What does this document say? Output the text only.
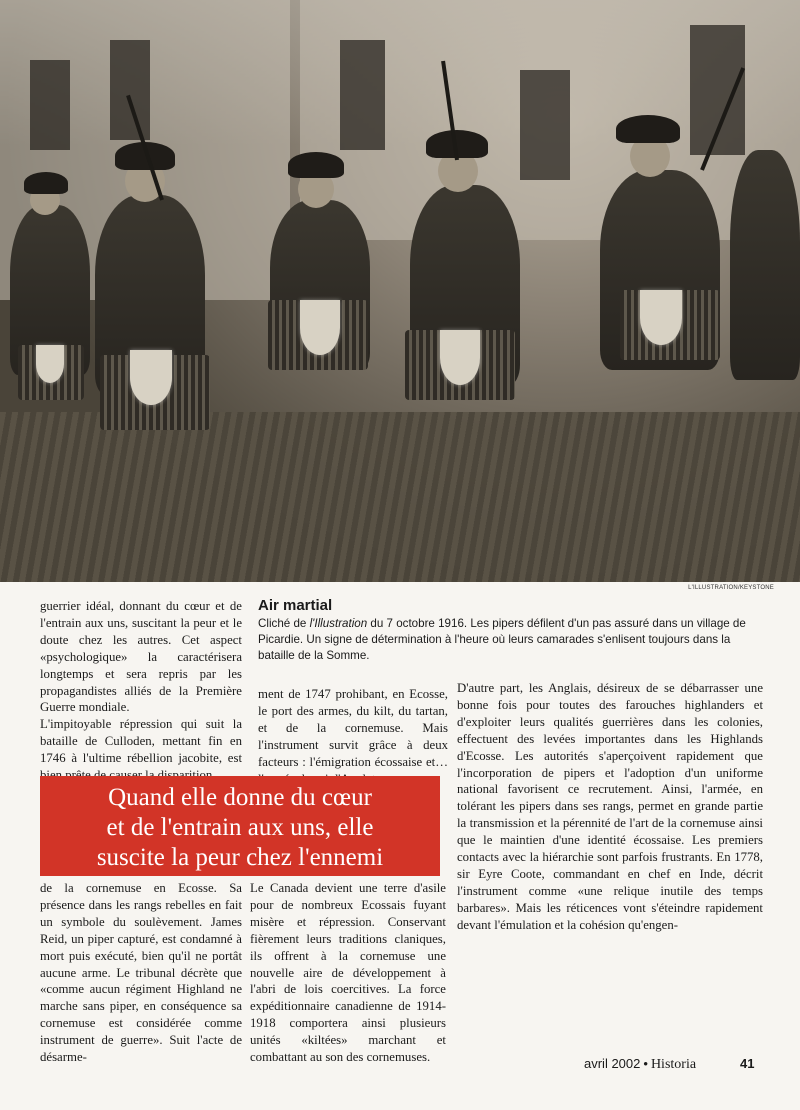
L'ILLUSTRATION/KEYSTONE

guerrier idéal, donnant du cœur et de l'entrain aux uns, suscitant la peur et le doute chez les autres. Cet aspect «psychologique» la caractérisera longtemps et sera repris par les propagandistes alliés de la Première Guerre mondiale.

L'impitoyable répression qui suit la bataille de Culloden, mettant fin en 1746 à l'ultime rébellion jacobite, est

Air martial
Cliché de l'Illustration du 7 octobre 1916. Les pipers défilent d'un pas assuré dans un village de Picardie. Un signe de détermination à l'heure où leurs camarades s'enlisent toujours dans la bataille de la Somme.

ment de 1747 prohibant, en Ecosse, le port des armes, du kilt, du tartan, et de la cornemuse. Mais l'instrument survit grâce à deux facteurs : l'émigration écossaise et…

D'autre part, les Anglais, désireux de se débarrasser une bonne fois pour toutes des farouches highlanders et d'exploiter leurs qualités guerrières dans les colonies, effectuent des levées importantes dans les Highlands d'Ecosse. Les autorités s'aperçoivent rapidement que l'incorporation de pipers et l'adoption d'un uniforme national favorisent ce recrutement. Ainsi, l'armée, en tolérant les pipers dans ses rangs, permet en grande partie la transmission et la pérennité de l'art de la cornemuse ainsi que le maintien d'une identité écossaise. Les premiers contacts avec la hiérarchie sont parfois frustrants. En 1778, sir Eyre Coote, commandant en chef en Inde, décrit l'instrument comme «une relique inutile des temps barbares». Mais les réticences vont s'éteindre rapidement devant l'émulation et la cohésion qu'engen-

Quand elle donne du cœur
et de l'entrain aux uns, elle
suscite la peur chez l'ennemi

de la cornemuse en Ecosse. Sa présence dans les rangs rebelles en fait un symbole du soulèvement. James Reid, un piper capturé, est condamné à mort puis exécuté, bien qu'il ne portât aucune arme. Le tribunal décrète que «comme aucun régiment Highland ne marche sans piper, en conséquence sa cornemuse est considérée comme instrument de guerre». Suit l'acte de désarme-

Le Canada devient une terre d'asile pour de nombreux Ecossais fuyant misère et répression. Conservant fièrement leurs traditions claniques, ils offrent à la cornemuse une nouvelle aire de développement à l'abri de lois coercitives. La force expéditionnaire canadienne de 1914-1918 comportera ainsi plusieurs unités «kiltées» marchant et combattant au son des cornemuses.	avril 2002 • Historia	41
